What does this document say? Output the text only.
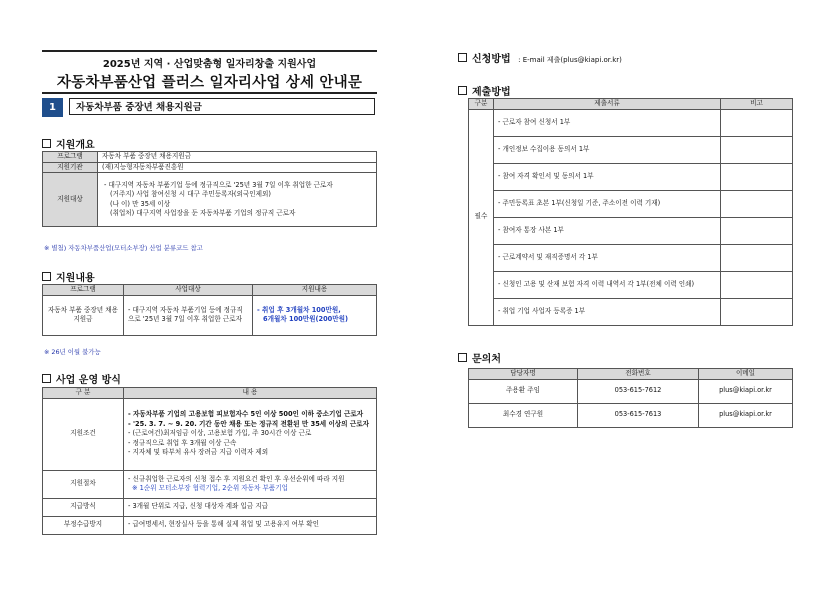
2025년 지역 · 산업맞춤형 일자리창출 지원사업
자동차부품산업 플러스 일자리사업 상세 안내문
1	자동차부품 중장년 채용지원금
지원개요
프로그램	자동차 부품 중장년 채용지원금
지원기관	(재)지능형자동차부품진흥원
지원대상	- 대구지역 자동차 부품기업 등에 정규직으로 '25년 3월 7일 이후 취업한 근로자
(거주지) 사업 참여신청 시 대구 주민등록자(외국인제외)
(나 이) 만 35세 이상
(취업처) 대구지역 사업장을 둔 자동차부품 기업의 정규직 근로자
※ 별첨) 자동차부품산업(모터소부장) 산업 분류코드 참고
지원내용
프로그램	사업대상	지원내용
자동차 부품 중장년 채용지원금	- 대구지역 자동차 부품기업 등에 정규직으로 '25년 3월 7일 이후 취업한 근로자	- 취업 후 3개월차 100만원,
6개월차 100만원(200만원)
※ 26년 이월 불가능
사업 운영 방식
구 분	내 용
지원조건	- 자동차부품 기업의 고용보험 피보험자수 5인 이상 500인 이하 중소기업 근로자
- '25. 3. 7. ~ 9. 20. 기간 동안 채용 또는 정규직 전환된 만 35세 이상의 근로자
- (근로여건)최저임금 이상, 고용보험 가입, 주 30시간 이상 근로
- 정규직으로 취업 후 3개월 이상 근속
- 지자체 및 타부처 유사 장려금 지급 이력자 제외

지원절차	- 신규취업한 근로자의 신청 접수 후 지원요건 확인 후 우선순위에 따라 지원
※ 1순위 모터소부장 협력기업, 2순위 자동차 부품기업

지급방식	- 3개월 단위로 지급, 신청 대상자 계좌 입금 지급
부정수급방지	- 급여명세서, 현장실사 등을 통해 실제 취업 및 고용유지 여부 확인
신청방법 : E-mail 제출(plus@kiapi.or.kr)
제출방법
구분	제출서류	비고
필수	- 근로자 참여 신청서 1부	
	- 개인정보 수집이용 동의서 1부	
	- 참여 자격 확인서 및 동의서 1부	
	- 주민등록표 초본 1부(신청일 기준, 주소이전 이력 기재)	
	- 참여자 통장 사본 1부	
	- 근로계약서 및 재직증명서 각 1부	
	- 신청인 고용 및 산재 보험 자격 이력 내역서 각 1부(전체 이력 인쇄)	
	- 취업 기업 사업자 등록증 1부	
문의처
담당자명	전화번호	이메일
주용환 주임	053-615-7612	plus@kiapi.or.kr
최수경 연구원	053-615-7613	plus@kiapi.or.kr
